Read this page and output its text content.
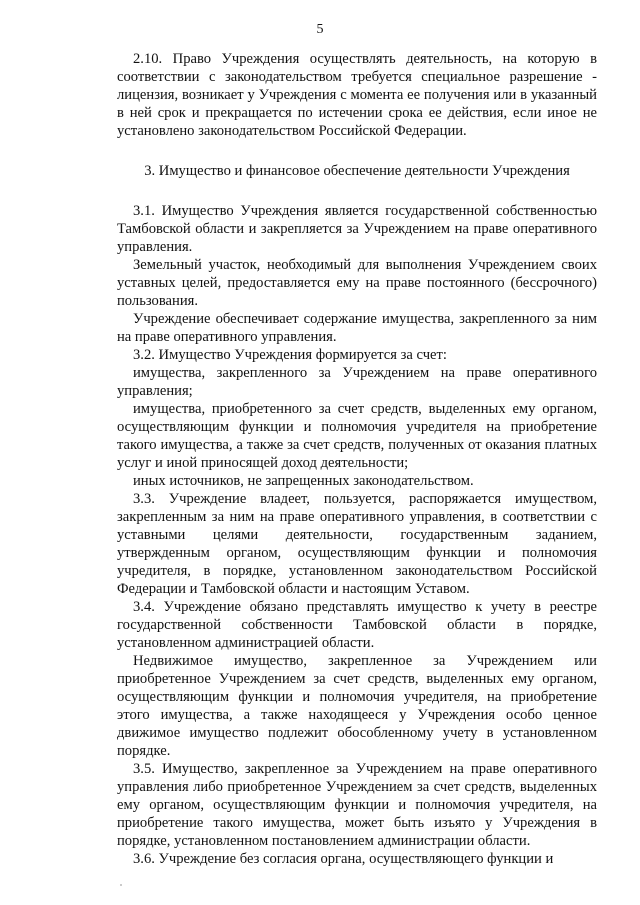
5

2.10. Право Учреждения осуществлять деятельность, на которую в соответствии с законодательством требуется специальное разрешение - лицензия, возникает у Учреждения с момента ее получения или в указанный в ней срок и прекращается по истечении срока ее действия, если иное не установлено законодательством Российской Федерации.

3. Имущество и финансовое обеспечение деятельности Учреждения

3.1. Имущество Учреждения является государственной собственностью Тамбовской области и закрепляется за Учреждением на праве оперативного управления.

Земельный участок, необходимый для выполнения Учреждением своих уставных целей, предоставляется ему на праве постоянного (бессрочного) пользования.

Учреждение обеспечивает содержание имущества, закрепленного за ним на праве оперативного управления.

3.2. Имущество Учреждения формируется за счет:

имущества, закрепленного за Учреждением на праве оперативного управления;

имущества, приобретенного за счет средств, выделенных ему органом, осуществляющим функции и полномочия учредителя на приобретение такого имущества, а также за счет средств, полученных от оказания платных услуг и иной приносящей доход деятельности;

иных источников, не запрещенных законодательством.

3.3. Учреждение владеет, пользуется, распоряжается имуществом, закрепленным за ним на праве оперативного управления, в соответствии с уставными целями деятельности, государственным заданием, утвержденным органом, осуществляющим функции и полномочия учредителя, в порядке, установленном законодательством Российской Федерации и Тамбовской области и настоящим Уставом.

3.4. Учреждение обязано представлять имущество к учету в реестре государственной собственности Тамбовской области в порядке, установленном администрацией области.

Недвижимое имущество, закрепленное за Учреждением или приобретенное Учреждением за счет средств, выделенных ему органом, осуществляющим функции и полномочия учредителя, на приобретение этого имущества, а также находящееся у Учреждения особо ценное движимое имущество подлежит обособленному учету в установленном порядке.

3.5. Имущество, закрепленное за Учреждением на праве оперативного управления либо приобретенное Учреждением за счет средств, выделенных ему органом, осуществляющим функции и полномочия учредителя, на приобретение такого имущества, может быть изъято у Учреждения в порядке, установленном постановлением администрации области.

3.6. Учреждение без согласия органа, осуществляющего функции и
